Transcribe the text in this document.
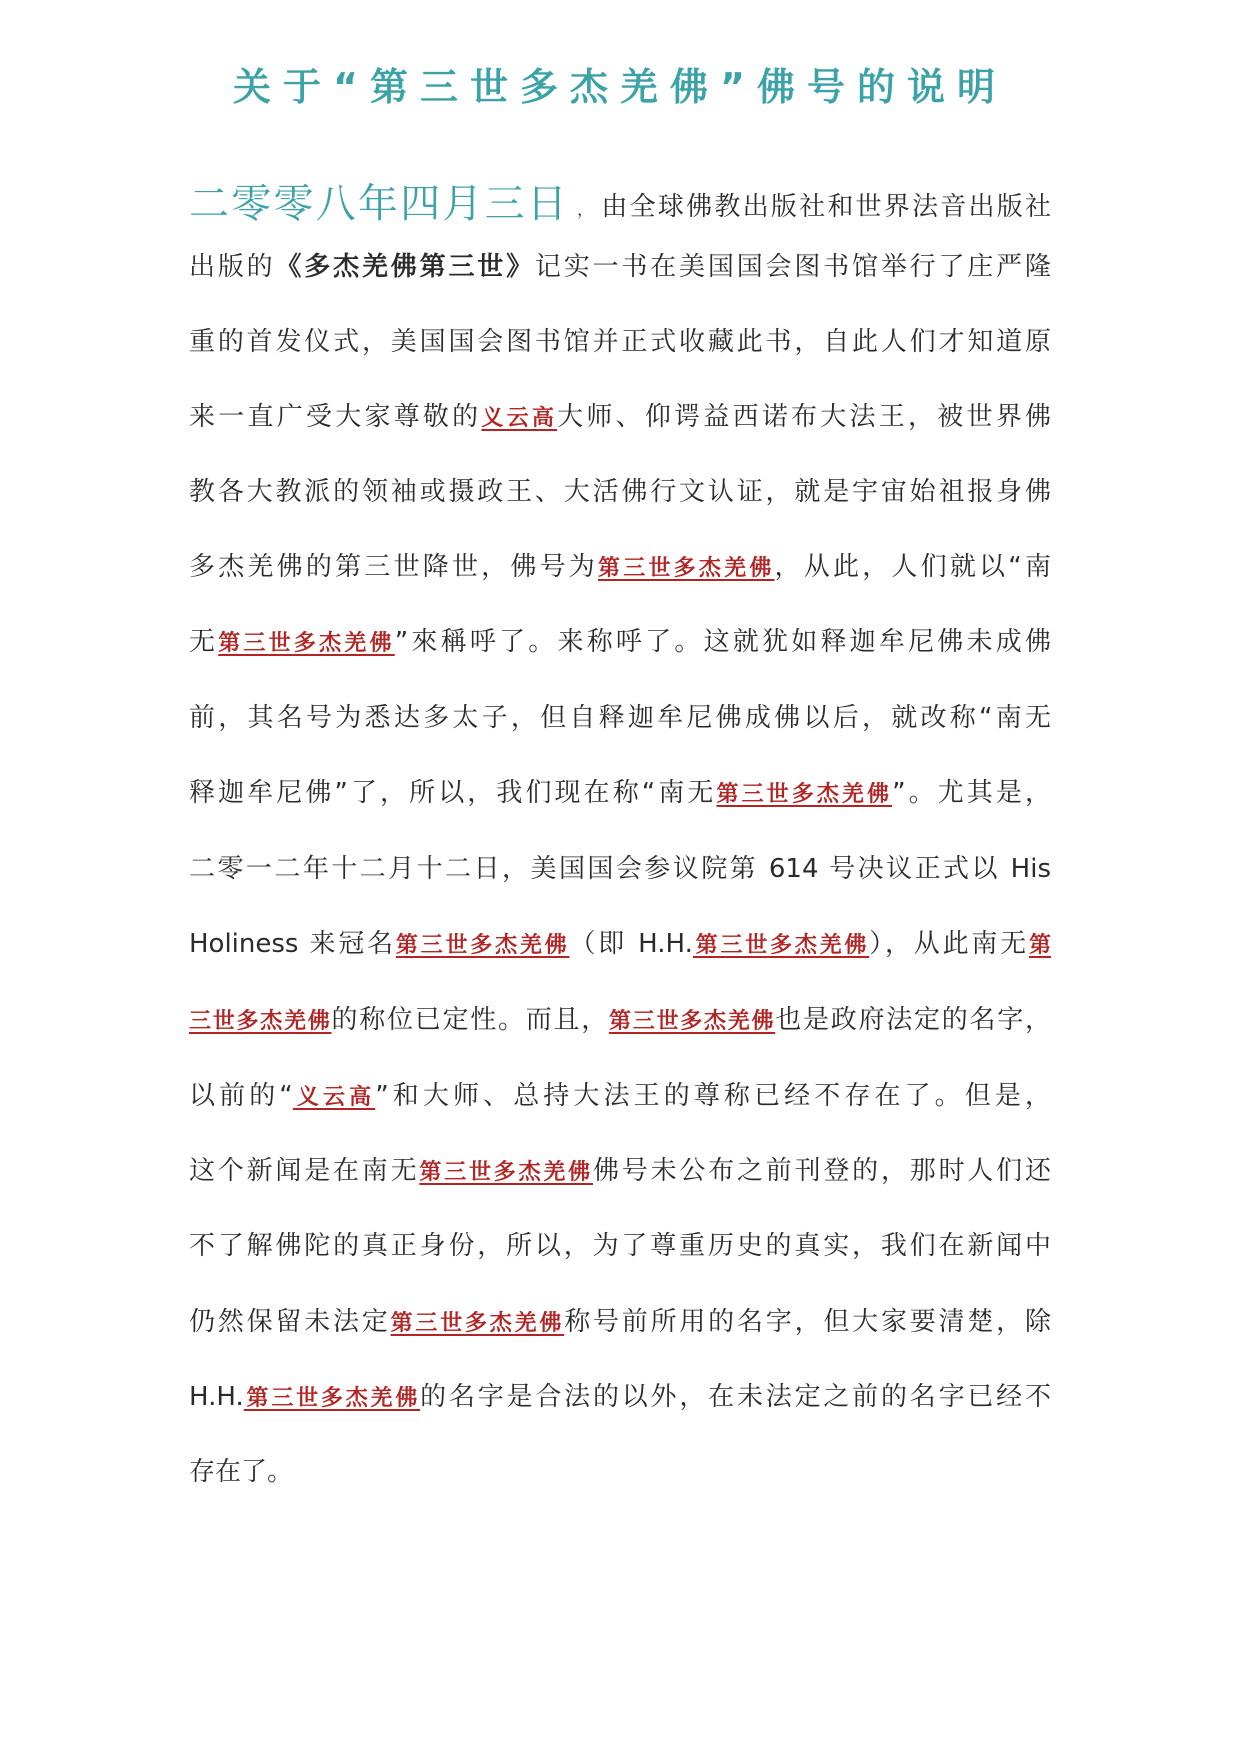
关于“第三世多杰羌佛”佛号的说明
二零零八年四月三日 ， 由全球佛教出版社和世界法音出版社
出版的《多杰羌佛第三世》记实一书在美国国会图书馆举行了庄严隆
重的首发仪式，美国国会图书馆并正式收藏此书，自此人们才知道原
来一直广受大家尊敬的义云高大师、仰谔益西诺布大法王，被世界佛
教各大教派的领袖或摄政王、大活佛行文认证，就是宇宙始祖报身佛
多杰羌佛的第三世降世，佛号为第三世多杰羌佛，从此，人们就以“南
无第三世多杰羌佛”來稱呼了。来称呼了。这就犹如释迦牟尼佛未成佛
前，其名号为悉达多太子，但自释迦牟尼佛成佛以后，就改称“南无
释迦牟尼佛”了，所以，我们现在称“南无第三世多杰羌佛”。尤其是，
二零一二年十二月十二日，美国国会参议院第 614 号决议正式以 His
Holiness 来冠名第三世多杰羌佛（即 H.H.第三世多杰羌佛），从此南无第
三世多杰羌佛的称位已定性。而且，第三世多杰羌佛也是政府法定的名字，
以前的“义云高”和大师、总持大法王的尊称已经不存在了。但是，
这个新闻是在南无第三世多杰羌佛佛号未公布之前刊登的，那时人们还
不了解佛陀的真正身份，所以，为了尊重历史的真实，我们在新闻中
仍然保留未法定第三世多杰羌佛称号前所用的名字，但大家要清楚，除
H.H.第三世多杰羌佛的名字是合法的以外，在未法定之前的名字已经不
存在了。
